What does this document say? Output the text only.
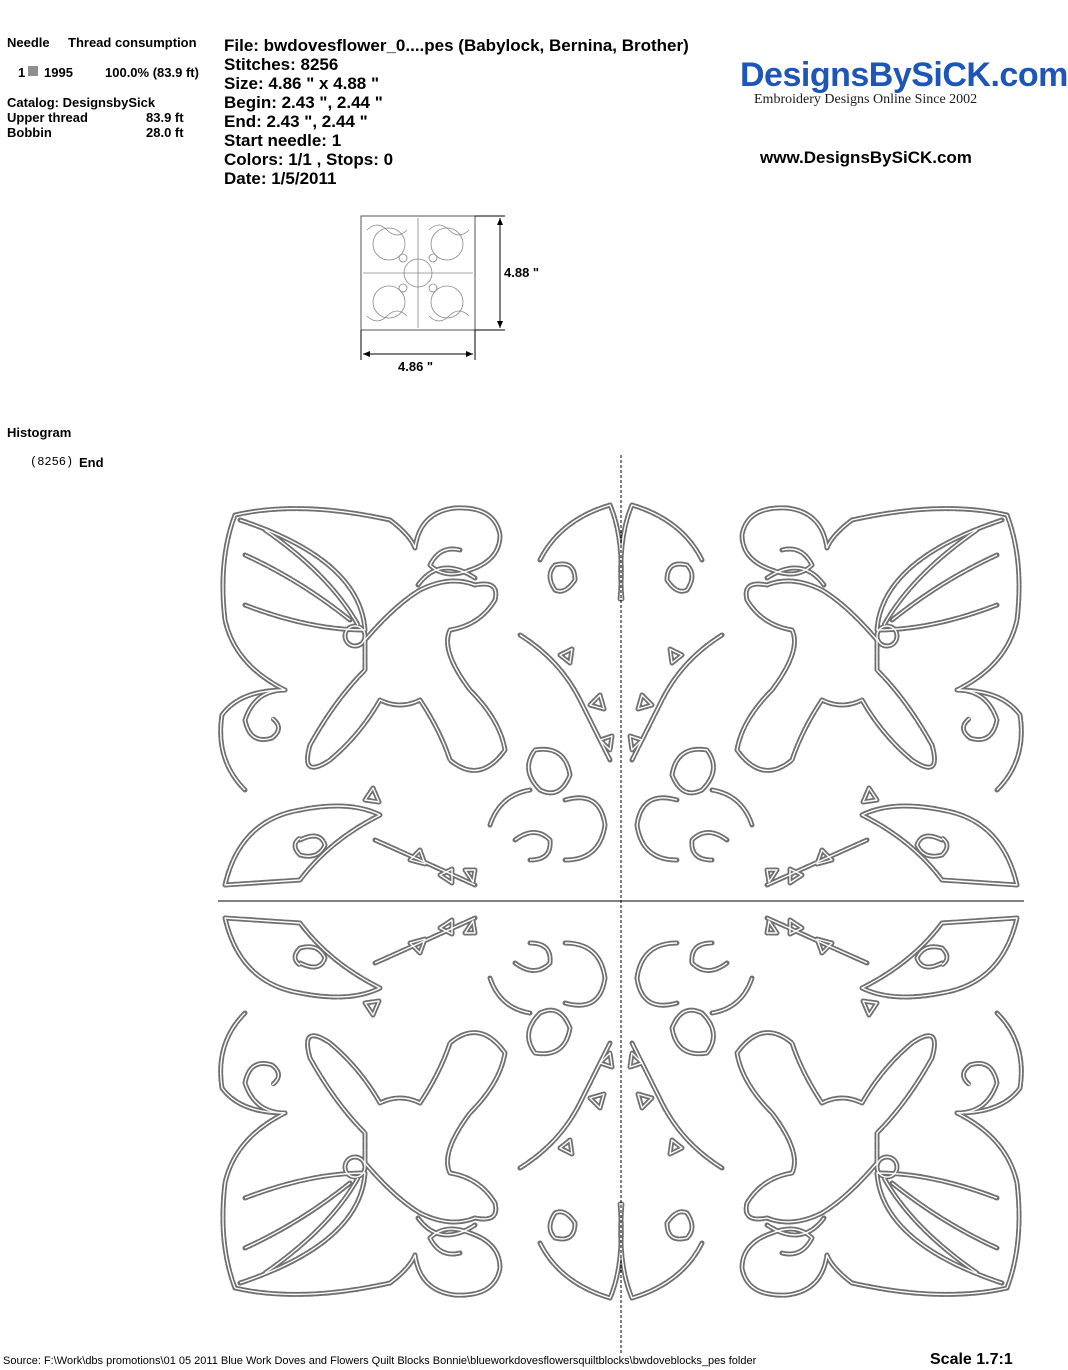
Needle Thread consumption
1 1995 100.0% (83.9 ft)
Catalog: DesignsbySick
Upper thread	83.9 ft
Bobbin	28.0 ft
File: bwdovesflower_0....pes (Babylock, Bernina, Brother)
Stitches: 8256
Size: 4.86 " x 4.88 "
Begin: 2.43 ", 2.44 "
End: 2.43 ", 2.44 "
Start needle: 1
Colors: 1/1 , Stops: 0
Date: 1/5/2011
DesignsBySiCK.com
Embroidery Designs Online Since 2002
www.DesignsBySiCK.com
4.88 "
4.86 "
Histogram
(8256) End
Source: F:\Work\dbs promotions\01 05 2011 Blue Work Doves and Flowers Quilt Blocks Bonnie\blueworkdovesflowersquiltblocks\bwdoveblocks_pes folder	Scale 1.7:1
